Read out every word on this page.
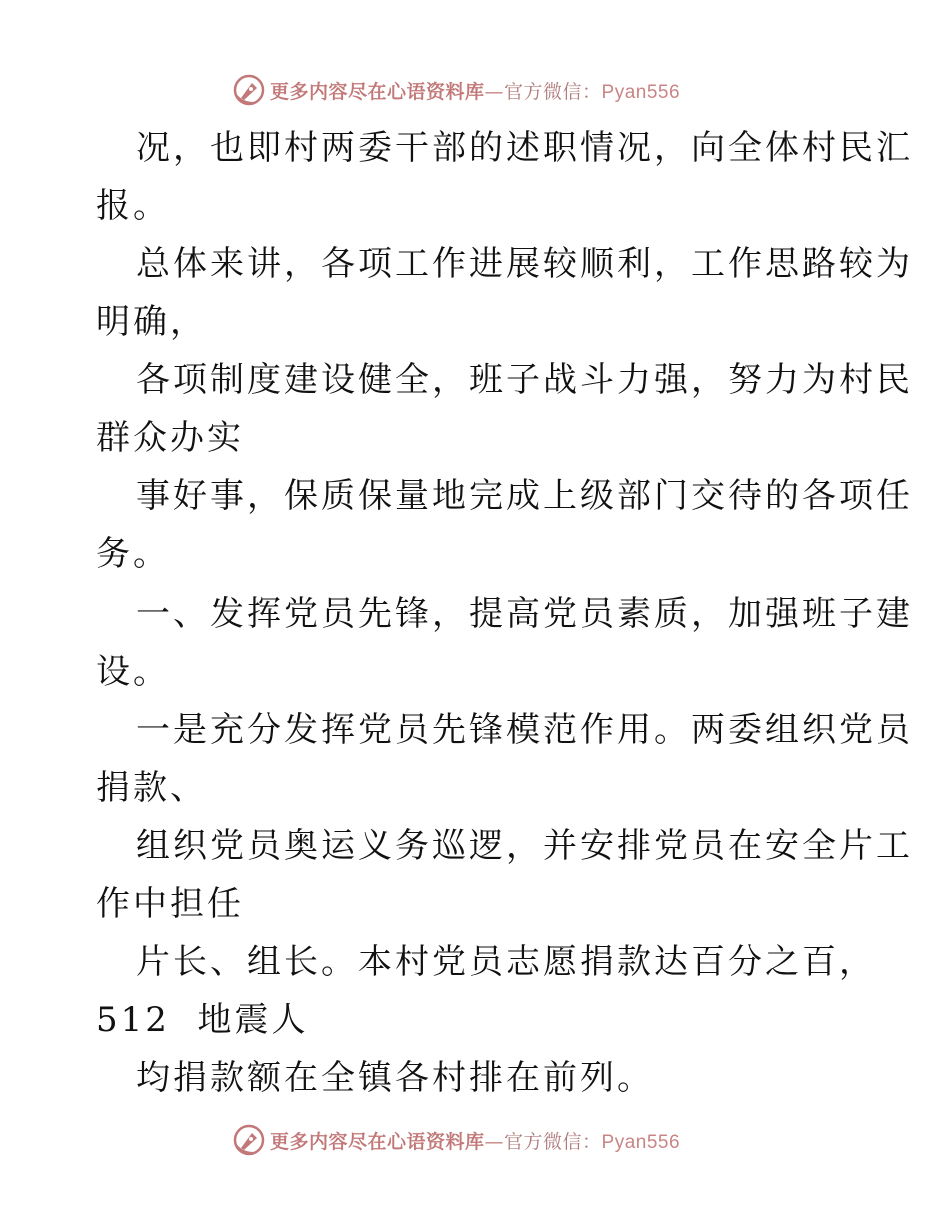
更多内容尽在心语资料库—官方微信：Pyan556
况，也即村两委干部的述职情况，向全体村民汇
报。
总体来讲，各项工作进展较顺利，工作思路较为
明确，
各项制度建设健全，班子战斗力强，努力为村民
群众办实
事好事，保质保量地完成上级部门交待的各项任
务。
一、发挥党员先锋，提高党员素质，加强班子建
设。
一是充分发挥党员先锋模范作用。两委组织党员
捐款、
组织党员奥运义务巡逻，并安排党员在安全片工
作中担任
片长、组长。本村党员志愿捐款达百分之百，
512  地震人
均捐款额在全镇各村排在前列。
更多内容尽在心语资料库—官方微信：Pyan556
